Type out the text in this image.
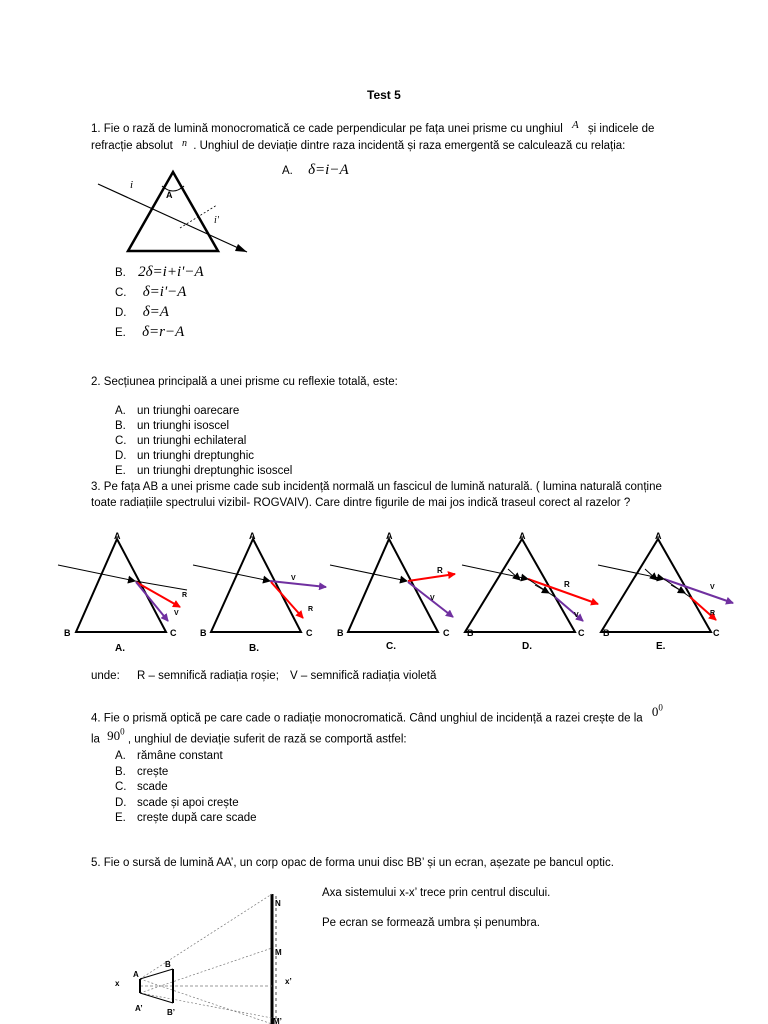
Test 5
1. Fie o rază de lumină monocromatică ce cade perpendicular pe fața unei prisme cu unghiul A și indicele de
refracție absolut n . Unghiul de deviație dintre raza incidentă și raza emergentă se calculează cu relația:
i
A
i'
A. δ=i−A
B. 2δ=i+i'−A
C. δ=i'−A
D. δ=A
E. δ=r−A
2. Secțiunea principală a unei prisme cu reflexie totală, este:
A. un triunghi oarecare
B. un triunghi isoscel
C. un triunghi echilateral
D. un triunghi dreptunghic
E. un triunghi dreptunghic isoscel
3. Pe fața AB a unei prisme cade sub incidență normală un fascicul de lumină naturală. ( lumina naturală conține
toate radiațiile spectrului vizibil- ROGVAIV). Care dintre figurile de mai jos indică traseul corect al razelor ?
A
B	C
R
V
A.
A
B	C
V
R
B.
A
B	C
R
V
C.
A
B	C
R
V
D.
A
B	C
V
R
E.
unde: R – semnifică radiația roșie; V – semnifică radiația violetă
4. Fie o prismă optică pe care cade o radiație monocromatică. Când unghiul de incidență a razei crește de la $0^0$
la $90^0$ , unghiul de deviație suferit de rază se comportă astfel:
A. rămâne constant
B. crește
C. scade
D. scade și apoi crește
E. crește după care scade
5. Fie o sursă de lumină AA’, un corp opac de forma unui disc BB’ și un ecran, așezate pe bancul optic.
Axa sistemului x-x’ trece prin centrul discului.
Pe ecran se formează umbra și penumbra.
N
M
x	x’
A
A’
B
B’
M’
